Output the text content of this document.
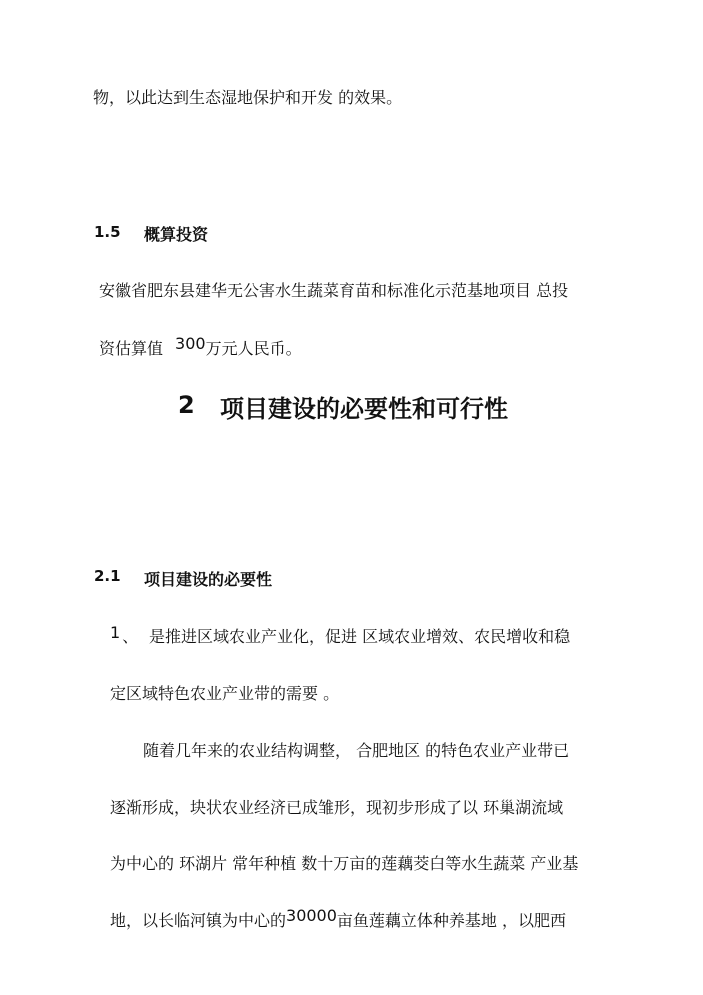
物，以此达到生态湿地保护和开发 的效果。
1.5 概算投资
安徽省肥东县建华无公害水生蔬菜育苗和标准化示范基地项目 总投
资估算值 300万元人民币。
2 项目建设的必要性和可行性
2.1 项目建设的必要性
1 、 是推进区域农业产业化，促进 区域农业增效、农民增收和稳
定区域特色农业产业带的需要 。
随着几年来的农业结构调整， 合肥地区 的特色农业产业带已
逐渐形成，块状农业经济已成雏形，现初步形成了以 环巢湖流域
为中心的 环湖片 常年种植 数十万亩的莲藕茭白等水生蔬菜 产业基
地，以长临河镇为中心的30000亩鱼莲藕立体种养基地 ，以肥西
